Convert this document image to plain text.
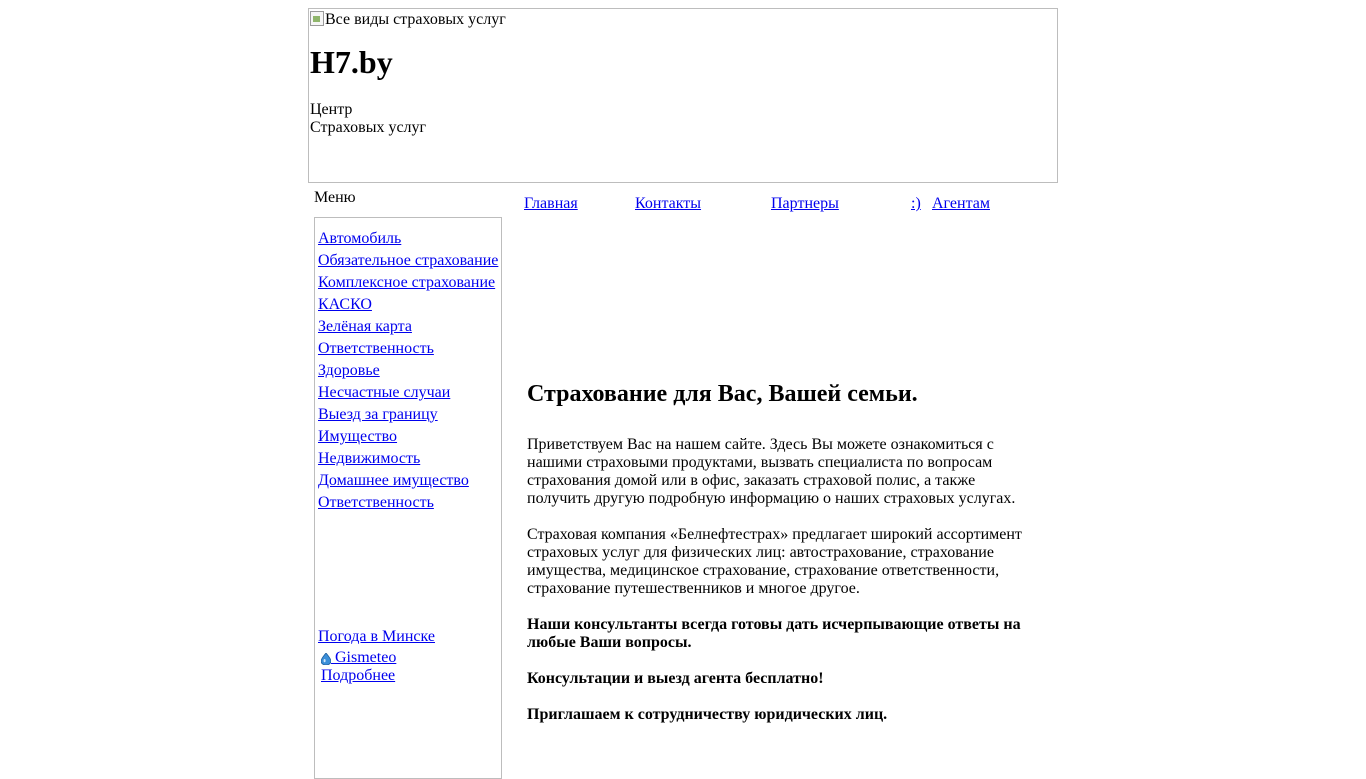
Все виды страховых услуг
H7.by
Центр
Страховых услуг
Главная	Контакты	Партнеры	:) Агентам
Меню
Автомобиль
Обязательное страхование
Комплексное страхование
КАСКО
Зелёная карта
Ответственность
Здоровье
Несчастные случаи
Выезд за границу
Имущество
Недвижимость
Домашнее имущество
Ответственность
Погода в Минске
Gismeteo
Подробнее
Страхование для Вас, Вашей семьи.

Приветствуем Вас на нашем сайте. Здесь Вы можете ознакомиться с нашими страховыми продуктами, вызвать специалиста по вопросам страхования домой или в офис, заказать страховой полис, а также получить другую подробную информацию о наших страховых услугах.

Страховая компания «Белнефтестрах» предлагает широкий ассортимент страховых услуг для физических лиц: автострахование, страхование имущества, медицинское страхование, страхование ответственности, страхование путешественников и многое другое.

Наши консультанты всегда готовы дать исчерпывающие ответы на любые Ваши вопросы.

Консультации и выезд агента бесплатно!

Приглашаем к сотрудничеству юридических лиц.
